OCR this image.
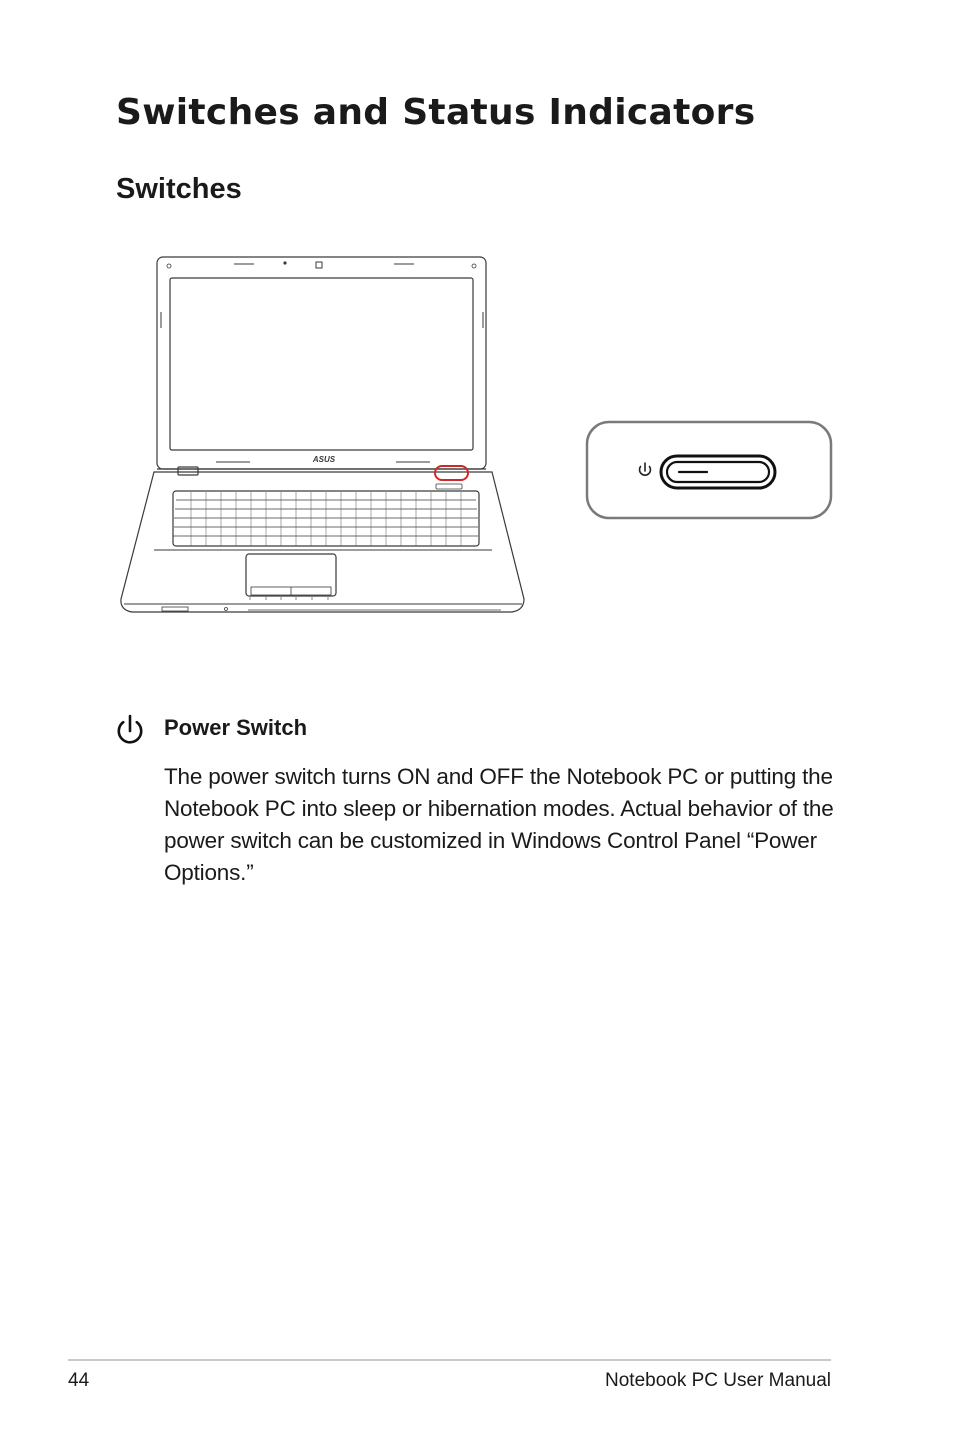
Switches and Status Indicators
Switches
ASUS

Power Switch

The power switch turns ON and OFF the Notebook PC or putting the Notebook PC into sleep or hibernation modes. Actual behavior of the power switch can be customized in Windows Control Panel “Power Options.”

44	Notebook PC User Manual
